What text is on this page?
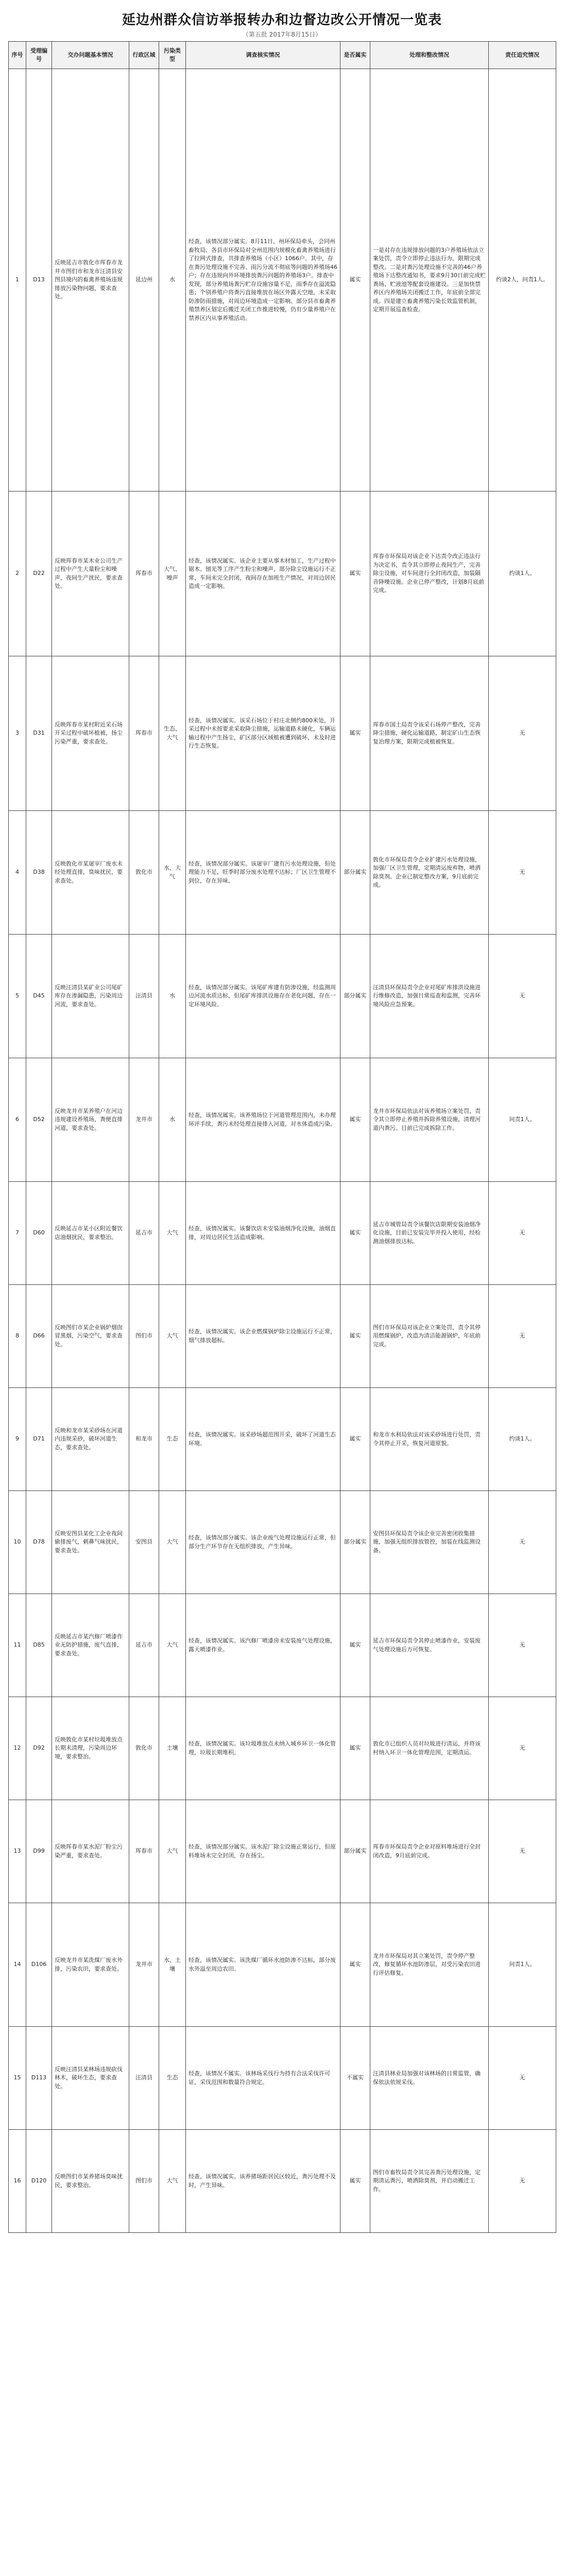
延边州群众信访举报转办和边督边改公开情况一览表
（第五批 2017年8月15日）
序号	受理编号	交办问题基本情况	行政区域	污染类型	调查核实情况	是否属实	处理和整改情况	责任追究情况
1	D13	反映延吉市敦化市珲春市龙井市图们市和龙市汪清县安图县境内的畜禽养殖场违规排放污染物问题，要求查处。	延边州	水	经查，该情况部分属实。8月11日，州环保局牵头，会同州畜牧局、各县市环保局对全州范围内规模化畜禽养殖场进行了拉网式排查，共排查养殖场（小区）1066户。其中，存在粪污处理设施不完善、雨污分流不彻底等问题的养殖场46户；存在违规向外环境排放粪污问题的养殖场3户。排查中发现，部分养殖场粪污贮存设施容量不足，雨季存在溢流隐患；个别养殖户将粪污直接堆放在场区外露天空地，未采取防渗防雨措施，对周边环境造成一定影响。部分县市畜禽养殖禁养区划定后搬迁关闭工作推进较慢，仍有少量养殖户在禁养区内从事养殖活动。	属实	一是对存在违规排放问题的3户养殖场依法立案处罚，责令立即停止违法行为，限期完成整改。二是对粪污处理设施不完善的46户养殖场下达整改通知书，要求9月30日前完成贮粪场、贮液池等配套设施建设。三是加快禁养区内养殖场关闭搬迁工作，年底前全部完成。四是建立畜禽养殖污染长效监管机制，定期开展巡查检查。	约谈2人，问责1人。
2	D22	反映珲春市某木业公司生产过程中产生大量粉尘和噪声，夜间生产扰民，要求查处。	珲春市	大气、噪声	经查，该情况属实。该企业主要从事木材加工，生产过程中锯木、刨光等工序产生粉尘和噪声，部分除尘设施运行不正常，车间未完全封闭，夜间存在加班生产情况，对周边居民造成一定影响。	属实	珲春市环保局对该企业下达责令改正违法行为决定书，责令其立即停止夜间生产，完善除尘设施，对车间进行全封闭改造，加装隔音降噪设施。企业已停产整改，计划8月底前完成。	约谈1人。
3	D31	反映珲春市某村附近采石场开采过程中破坏植被，扬尘污染严重，要求查处。	珲春市	生态、大气	经查，该情况属实。该采石场位于村庄北侧约800米处，开采过程中未按要求采取降尘措施，运输道路未硬化，车辆运输过程中产生扬尘，矿区部分区域植被遭到破坏，未及时进行生态恢复。	属实	珲春市国土局责令该采石场停产整改，完善降尘措施，硬化运输道路，制定矿山生态恢复治理方案，限期完成植被恢复。	无
4	D38	反映敦化市某屠宰厂废水未经处理直排，臭味扰民，要求查处。	敦化市	水、大气	经查，该情况部分属实。该屠宰厂建有污水处理设施，但处理能力不足，旺季时部分废水处理不达标；厂区卫生管理不到位，存在异味。	部分属实	敦化市环保局责令企业扩建污水处理设施，加强厂区卫生管理，定期清运废弃物，喷洒除臭剂。企业已制定整改方案，9月底前完成。	无
5	D45	反映汪清县某矿业公司尾矿库存在渗漏隐患，污染周边河流，要求查处。	汪清县	水	经查，该情况部分属实。该尾矿库建有防渗设施，经监测周边河流水质达标，但尾矿库排洪设施存在老化问题，存在一定环境风险。	部分属实	汪清县环保局责令企业对尾矿库排洪设施进行维修改造，加强日常巡查和监测，完善环境风险应急预案。	无
6	D52	反映龙井市某养殖户在河边违规建设养殖场，粪便直排河道，要求查处。	龙井市	水	经查，该情况属实。该养殖场位于河道管理范围内，未办理环评手续，粪污未经处理直接排入河道，对水体造成污染。	属实	龙井市环保局依法对该养殖场立案处罚，责令其立即停止养殖并拆除养殖设施，清理河道内粪污。目前已完成拆除工作。	问责1人。
7	D60	反映延吉市某小区附近餐饮店油烟扰民，要求整治。	延吉市	大气	经查，该情况属实。该餐饮店未安装油烟净化设施，油烟直排，对周边居民生活造成影响。	属实	延吉市城管局责令该餐饮店限期安装油烟净化设施，目前已安装完毕并投入使用，经检测油烟排放达标。	无
8	D66	反映图们市某企业锅炉烟囱冒黑烟，污染空气，要求查处。	图们市	大气	经查，该情况属实。该企业燃煤锅炉除尘设施运行不正常，烟气排放超标。	属实	图们市环保局对该企业立案处罚，责令其停用燃煤锅炉，改造为清洁能源锅炉，年底前完成。	无
9	D71	反映和龙市某采砂场在河道内违规采砂，破坏河道生态，要求查处。	和龙市	生态	经查，该情况属实。该采砂场超范围开采，破坏了河道生态环境。	属实	和龙市水利局依法对该采砂场进行处罚，责令其停止开采，恢复河道原貌。	约谈1人。
10	D78	反映安图县某化工企业夜间偷排废气，刺鼻气味扰民，要求查处。	安图县	大气	经查，该情况部分属实。该企业废气处理设施运行正常，但部分生产环节存在无组织排放，产生异味。	部分属实	安图县环保局责令该企业完善密闭收集措施，加强无组织排放管控，加装在线监测设备。	无
11	D85	反映延吉市某汽修厂喷漆作业无防护措施，废气直排，要求查处。	延吉市	大气	经查，该情况属实。该汽修厂喷漆房未安装废气处理设施，露天喷漆作业。	属实	延吉市环保局责令其停止喷漆作业，安装废气处理设施后方可恢复。	无
12	D92	反映敦化市某村垃圾堆放点长期未清理，污染周边环境，要求整治。	敦化市	土壤	经查，该情况属实。该垃圾堆放点未纳入城乡环卫一体化管理，垃圾长期堆积。	属实	敦化市已组织人员对垃圾进行清运，并将该村纳入环卫一体化管理范围，定期清运。	无
13	D99	反映珲春市某水泥厂粉尘污染严重，要求查处。	珲春市	大气	经查，该情况部分属实。该水泥厂除尘设施正常运行，但原料堆场未完全封闭，存在扬尘。	部分属实	珲春市环保局责令企业对原料堆场进行全封闭改造，9月底前完成。	无
14	D106	反映龙井市某洗煤厂废水外排，污染农田，要求查处。	龙井市	水、土壤	经查，该情况属实。该洗煤厂循环水池防渗不达标，部分废水外溢至周边农田。	属实	龙井市环保局对其立案处罚，责令停产整改，修复循环水池防渗层，对受污染农田进行评估修复。	问责1人。
15	D113	反映汪清县某林场违规砍伐林木，破坏生态，要求查处。	汪清县	生态	经查，该情况不属实。该林场采伐行为持有合法采伐许可证，采伐范围和数量符合规定。	不属实	汪清县林业局加强对该林场的日常监管，确保依法依规采伐。	无
16	D120	反映图们市某养猪场臭味扰民，要求整治。	图们市	大气	经查，该情况属实。该养猪场距居民区较近，粪污处理不及时，产生异味。	属实	图们市畜牧局责令其完善粪污处理设施，定期清运粪污，喷洒除臭剂，并启动搬迁工作。	无
